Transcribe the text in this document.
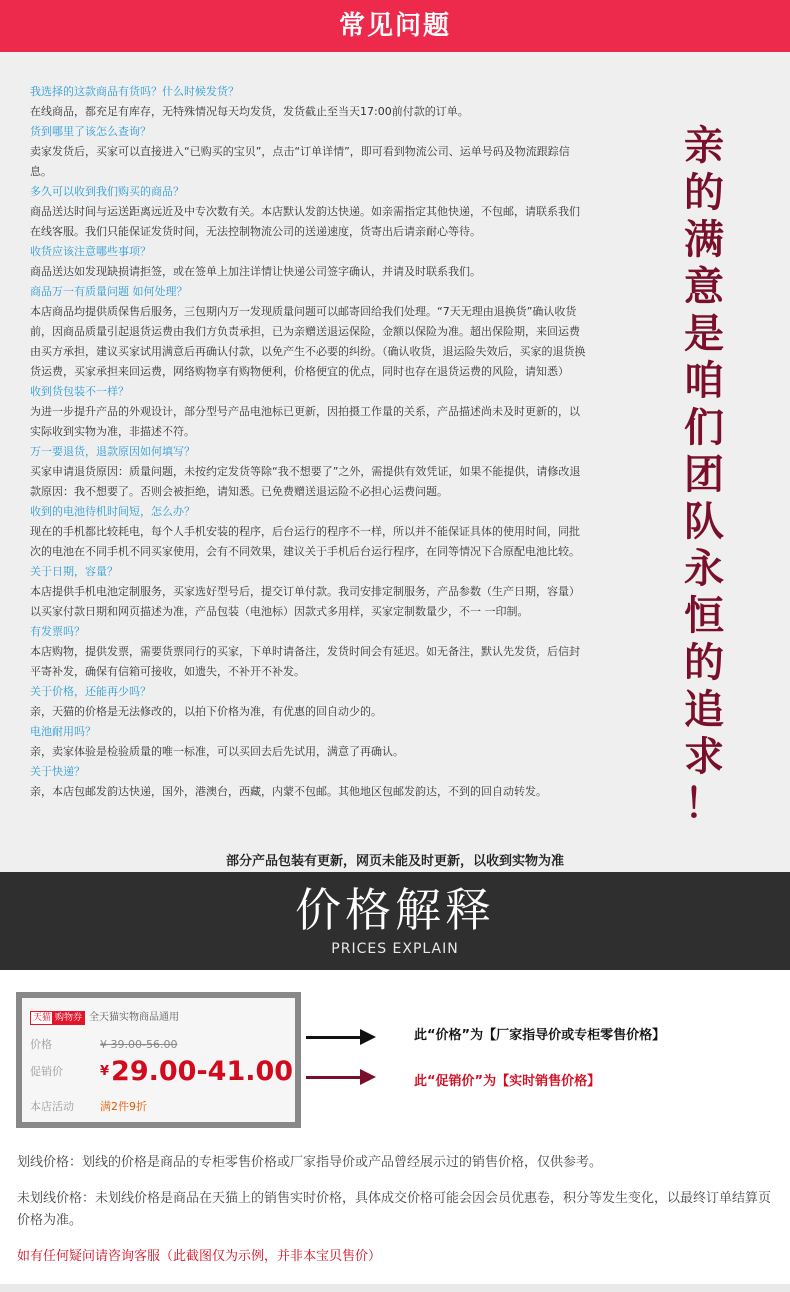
常见问题
我选择的这款商品有货吗？什么时候发货？
在线商品，都充足有库存，无特殊情况每天均发货，发货截止至当天17:00前付款的订单。
货到哪里了该怎么查询？
卖家发货后，买家可以直接进入“已购买的宝贝”，点击“订单详情”，即可看到物流公司、运单号码及物流跟踪信息。
多久可以收到我们购买的商品？
商品送达时间与运送距离远近及中专次数有关。本店默认发韵达快递。如亲需指定其他快递，不包邮，请联系我们在线客服。我们只能保证发货时间，无法控制物流公司的送递速度，货寄出后请亲耐心等待。
收货应该注意哪些事项？
商品送达如发现缺损请拒签，或在签单上加注详情让快递公司签字确认，并请及时联系我们。
商品万一有质量问题 如何处理？
本店商品均提供质保售后服务，三包期内万一发现质量问题可以邮寄回给我们处理。“7天无理由退换货”确认收货前，因商品质量引起退货运费由我们方负责承担，已为亲赠送退运保险，金额以保险为准。超出保险期，来回运费由买方承担，建议买家试用满意后再确认付款，以免产生不必要的纠纷。（确认收货，退运险失效后，买家的退货换货运费，买家承担来回运费，网络购物享有购物便利，价格便宜的优点，同时也存在退货运费的风险，请知悉）
收到货包装不一样？
为进一步提升产品的外观设计，部分型号产品电池标已更新，因拍摄工作量的关系，产品描述尚未及时更新的，以实际收到实物为准，非描述不符。
万一要退货，退款原因如何填写？
买家申请退货原因：质量问题，未按约定发货等除“我不想要了”之外，需提供有效凭证，如果不能提供，请修改退款原因：我不想要了。否则会被拒绝，请知悉。已免费赠送退运险不必担心运费问题。
收到的电池待机时间短，怎么办？
现在的手机都比较耗电，每个人手机安装的程序，后台运行的程序不一样，所以并不能保证具体的使用时间，同批次的电池在不同手机不同买家使用，会有不同效果，建议关于手机后台运行程序，在同等情况下合原配电池比较。
关于日期，容量？
本店提供手机电池定制服务，买家选好型号后，提交订单付款。我司安排定制服务，产品参数（生产日期，容量）以买家付款日期和网页描述为准，产品包装（电池标）因款式多用样，买家定制数量少，不一 一印制。
有发票吗？
本店购物，提供发票，需要货票同行的买家，下单时请备注，发货时间会有延迟。如无备注，默认先发货，后信封平寄补发，确保有信箱可接收，如遗失，不补开不补发。
关于价格，还能再少吗？
亲，天猫的价格是无法修改的，以拍下价格为准，有优惠的回自动少的。
电池耐用吗？
亲，卖家体验是检验质量的唯一标准，可以买回去后先试用，满意了再确认。
关于快递？
亲，本店包邮发韵达快递，国外，港澳台，西藏，内蒙不包邮。其他地区包邮发韵达，不到的回自动转发。
亲
的
满
意
是
咱
们
团
队
永
恒
的
追
求
！
部分产品包装有更新，网页未能及时更新，以收到实物为准
价格解释
PRICES EXPLAIN
天猫 购物券 全天猫实物商品通用
价格	¥ 39.00-56.00
促销价	¥29.00-41.00
本店活动 满2件9折
此“价格”为【厂家指导价或专柜零售价格】
此“促销价”为【实时销售价格】
划线价格：划线的价格是商品的专柜零售价格或厂家指导价或产品曾经展示过的销售价格，仅供参考。
未划线价格：未划线价格是商品在天猫上的销售实时价格，具体成交价格可能会因会员优惠卷，积分等发生变化，以最终订单结算页价格为准。
如有任何疑问请咨询客服（此截图仅为示例，并非本宝贝售价）
